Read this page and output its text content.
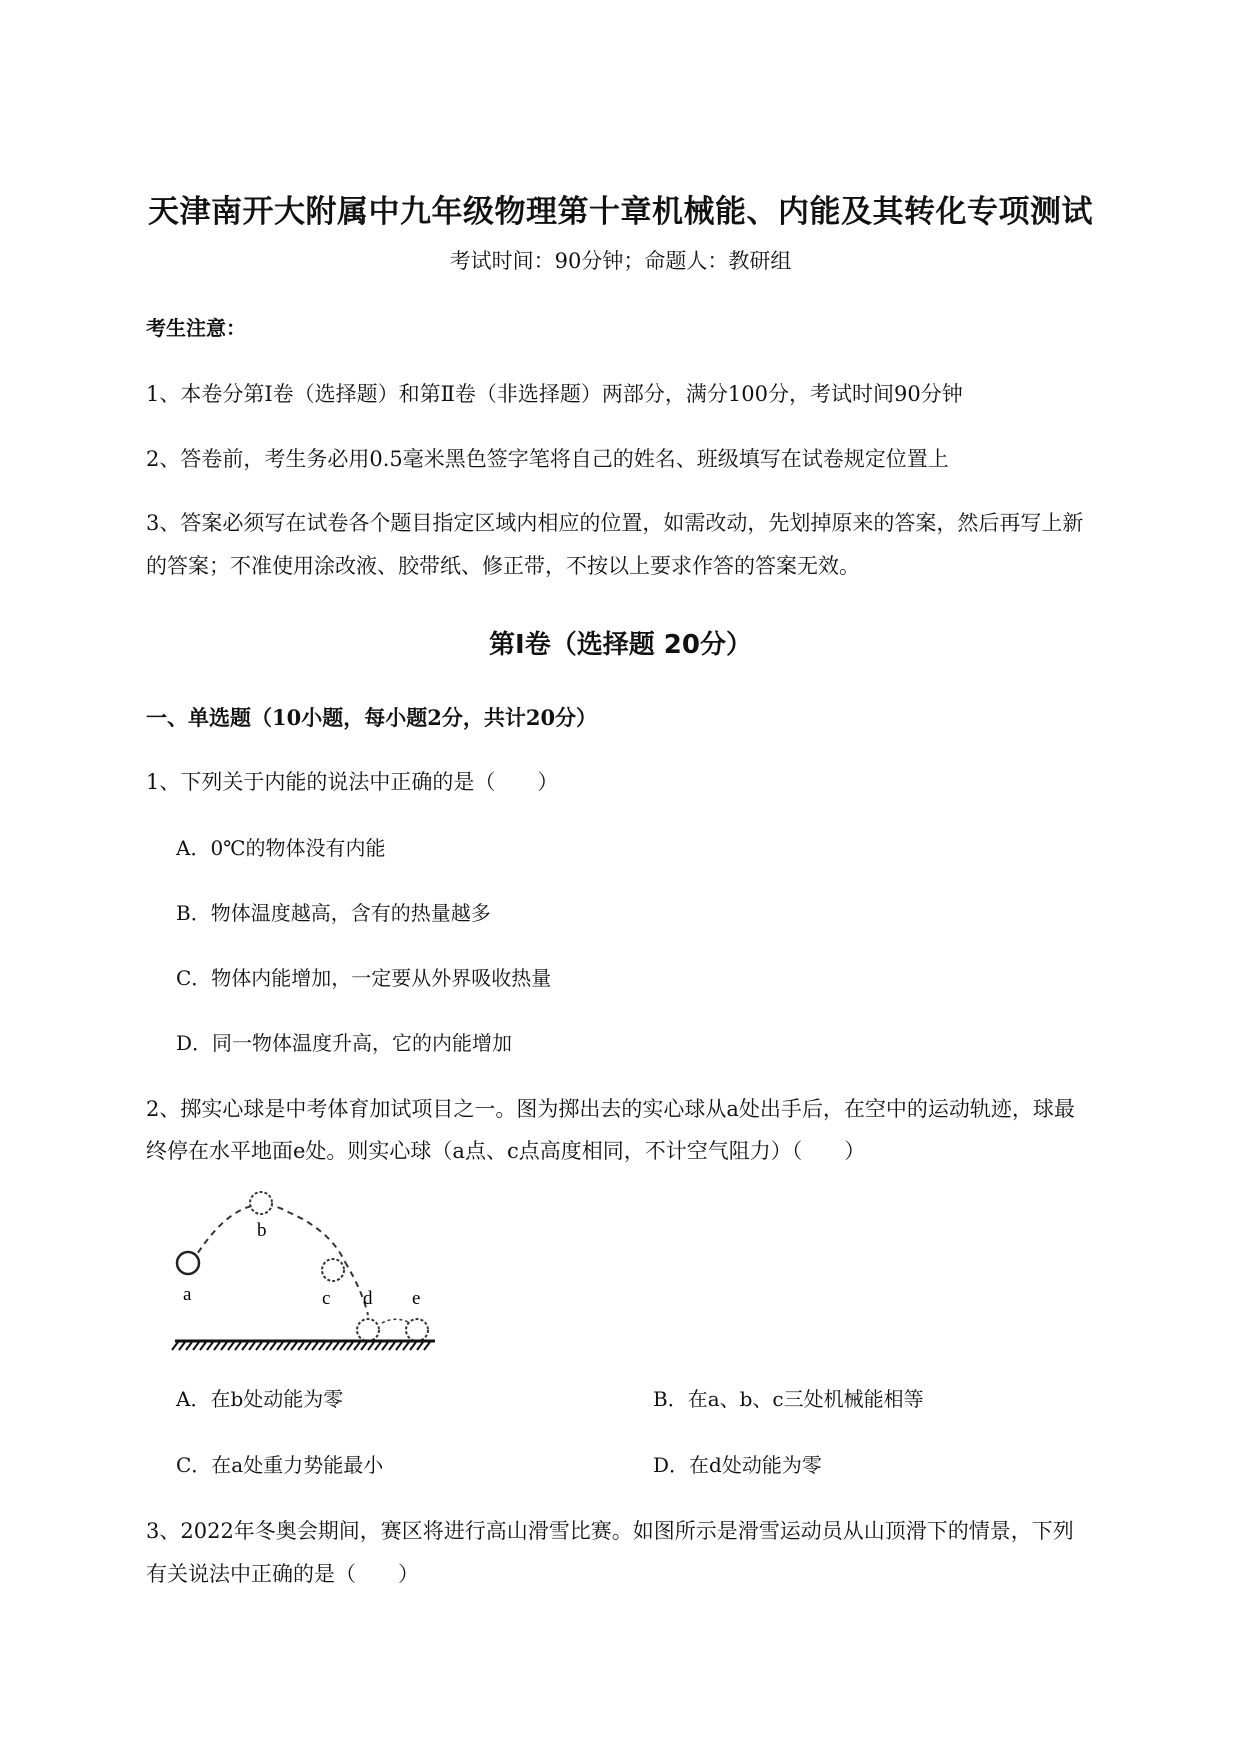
天津南开大附属中九年级物理第十章机械能、内能及其转化专项测试
考试时间：90分钟；命题人：教研组
考生注意：
1、本卷分第Ⅰ卷（选择题）和第Ⅱ卷（非选择题）两部分，满分100分，考试时间90分钟
2、答卷前，考生务必用0.5毫米黑色签字笔将自己的姓名、班级填写在试卷规定位置上
3、答案必须写在试卷各个题目指定区域内相应的位置，如需改动，先划掉原来的答案，然后再写上新
的答案；不准使用涂改液、胶带纸、修正带，不按以上要求作答的答案无效。
第Ⅰ卷（选择题 20分）
一、单选题（10小题，每小题2分，共计20分）
1、下列关于内能的说法中正确的是（　　）
A．0℃的物体没有内能
B．物体温度越高，含有的热量越多
C．物体内能增加，一定要从外界吸收热量
D．同一物体温度升高，它的内能增加
2、掷实心球是中考体育加试项目之一。图为掷出去的实心球从a处出手后，在空中的运动轨迹，球最
终停在水平地面e处。则实心球（a点、c点高度相同，不计空气阻力）（　　）
a
b
c d e
A．在b处动能为零	B．在a、b、c三处机械能相等
C．在a处重力势能最小	D．在d处动能为零
3、2022年冬奥会期间，赛区将进行高山滑雪比赛。如图所示是滑雪运动员从山顶滑下的情景，下列
有关说法中正确的是（　　）
